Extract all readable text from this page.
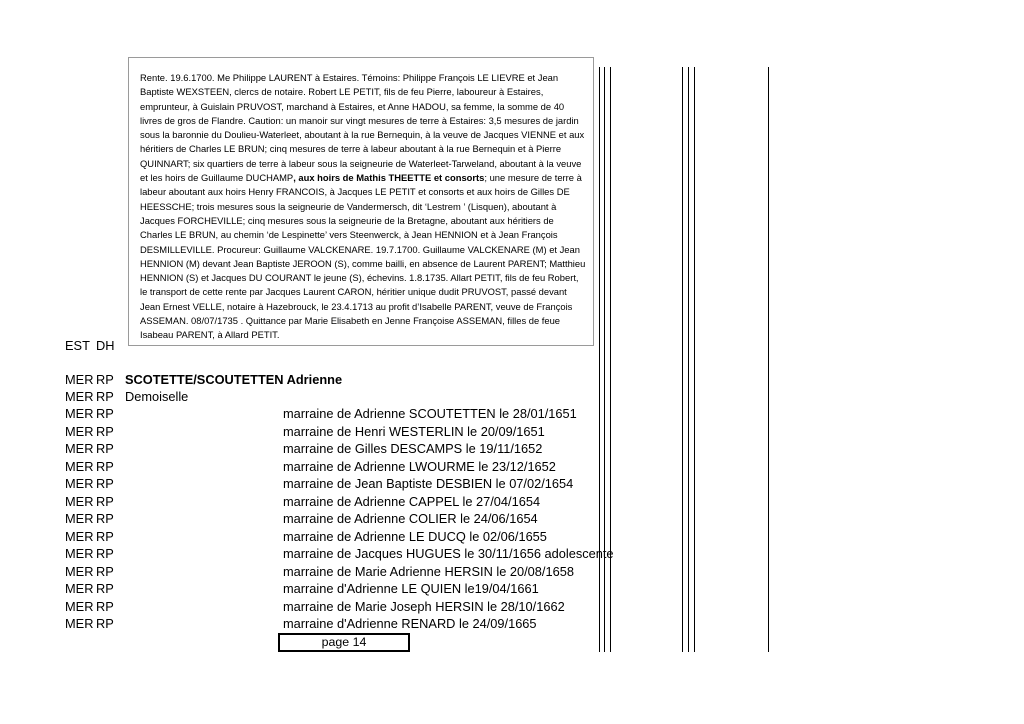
Rente. 19.6.1700. Me Philippe LAURENT à Estaires. Témoins: Philippe François LE LIEVRE et Jean Baptiste WEXSTEEN, clercs de notaire. Robert LE PETIT, fils de feu Pierre, laboureur à Estaires, emprunteur, à Guislain PRUVOST, marchand à Estaires, et Anne HADOU, sa femme, la somme de 40 livres de gros de Flandre. Caution: un manoir sur vingt mesures de terre à Estaires: 3,5 mesures de jardin sous la baronnie du Doulieu-Waterleet, aboutant à la rue Bernequin, à la veuve de Jacques VIENNE et aux héritiers de Charles LE BRUN; cinq mesures de terre à labeur aboutant à la rue Bernequin et à Pierre QUINNART; six quartiers de terre à labeur sous la seigneurie de Waterleet-Tarweland, aboutant à la veuve et les hoirs de Guillaume DUCHAMP, aux hoirs de Mathis THEETTE et consorts; une mesure de terre à labeur aboutant aux hoirs Henry FRANCOIS, à Jacques LE PETIT et consorts et aux hoirs de Gilles DE HEESSCHE; trois mesures sous la seigneurie de Vandermersch, dit ‘Lestrem ’ (Lisquen), aboutant à Jacques FORCHEVILLE; cinq mesures sous la seigneurie de la Bretagne, aboutant aux héritiers de Charles LE BRUN, au chemin ‘de Lespinette’ vers Steenwerck, à Jean HENNION et à Jean François DESMILLEVILLE. Procureur: Guillaume VALCKENARE. 19.7.1700. Guillaume VALCKENARE (M) et Jean HENNION (M) devant Jean Baptiste JEROON (S), comme bailli, en absence de Laurent PARENT; Matthieu HENNION (S) et Jacques DU COURANT le jeune (S), échevins. 1.8.1735. Allart PETIT, fils de feu Robert, le transport de cette rente par Jacques Laurent CARON, héritier unique dudit PRUVOST, passé devant Jean Ernest VELLE, notaire à Hazebrouck, le 23.4.1713 au profit d’Isabelle PARENT, veuve de François ASSEMAN. 08/07/1735 . Quittance par Marie Elisabeth en Jenne Françoise ASSEMAN, filles de feue Isabeau PARENT, à Allard PETIT.
EST DH
MER RP SCOTETTE/SCOUTETTEN Adrienne
MER RP Demoiselle
MER RP	marraine de Adrienne SCOUTETTEN le 28/01/1651
MER RP	marraine de Henri WESTERLIN le 20/09/1651
MER RP	marraine de Gilles DESCAMPS le 19/11/1652
MER RP	marraine de Adrienne LWOURME le 23/12/1652
MER RP	marraine de Jean Baptiste DESBIEN le 07/02/1654
MER RP	marraine de Adrienne CAPPEL le 27/04/1654
MER RP	marraine de Adrienne COLIER le 24/06/1654
MER RP	marraine de Adrienne LE DUCQ le 02/06/1655
MER RP	marraine de Jacques HUGUES le 30/11/1656 adolescente
MER RP	marraine de Marie Adrienne HERSIN le 20/08/1658
MER RP	marraine d'Adrienne LE QUIEN le19/04/1661
MER RP	marraine de Marie Joseph HERSIN le 28/10/1662
MER RP	marraine d'Adrienne RENARD le 24/09/1665
page 14
